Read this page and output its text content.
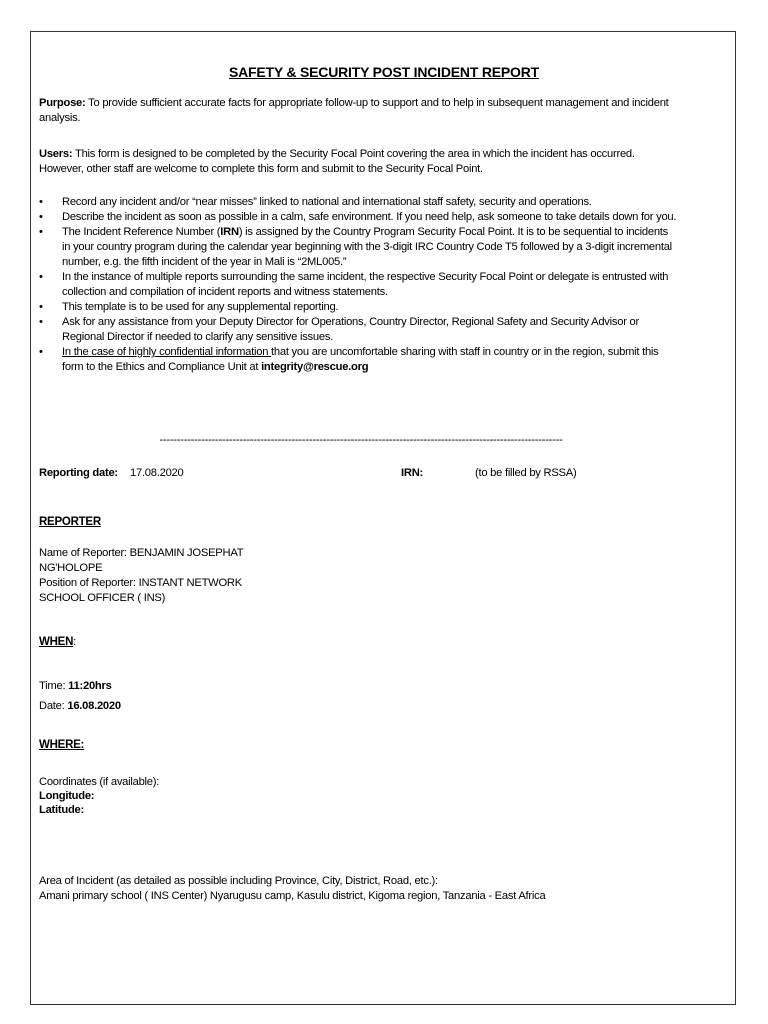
SAFETY & SECURITY POST INCIDENT REPORT
Purpose: To provide sufficient accurate facts for appropriate follow-up to support and to help in subsequent management and incident analysis.
Users: This form is designed to be completed by the Security Focal Point covering the area in which the incident has occurred. However, other staff are welcome to complete this form and submit to the Security Focal Point.
• Record any incident and/or “near misses” linked to national and international staff safety, security and operations.
• Describe the incident as soon as possible in a calm, safe environment. If you need help, ask someone to take details down for you.
• The Incident Reference Number (IRN) is assigned by the Country Program Security Focal Point. It is to be sequential to incidents in your country program during the calendar year beginning with the 3-digit IRC Country Code T5 followed by a 3-digit incremental number, e.g. the fifth incident of the year in Mali is “2ML005.”
• In the instance of multiple reports surrounding the same incident, the respective Security Focal Point or delegate is entrusted with collection and compilation of incident reports and witness statements.
• This template is to be used for any supplemental reporting.
• Ask for any assistance from your Deputy Director for Operations, Country Director, Regional Safety and Security Advisor or Regional Director if needed to clarify any sensitive issues.
• In the case of highly confidential information that you are uncomfortable sharing with staff in country or in the region, submit this form to the Ethics and Compliance Unit at integrity@rescue.org
--------------------------------------------------------------------------------------------------------------------
Reporting date: 17.08.2020	IRN:	(to be filled by RSSA)
REPORTER
Name of Reporter: BENJAMIN JOSEPHAT
NG'HOLOPE
Position of Reporter: INSTANT NETWORK
SCHOOL OFFICER ( INS)
WHEN:
Time: 11:20hrs
Date: 16.08.2020
WHERE:
Coordinates (if available):
Longitude:
Latitude:
Area of Incident (as detailed as possible including Province, City, District, Road, etc.):
Amani primary school ( INS Center) Nyarugusu camp, Kasulu district, Kigoma region, Tanzania - East Africa
